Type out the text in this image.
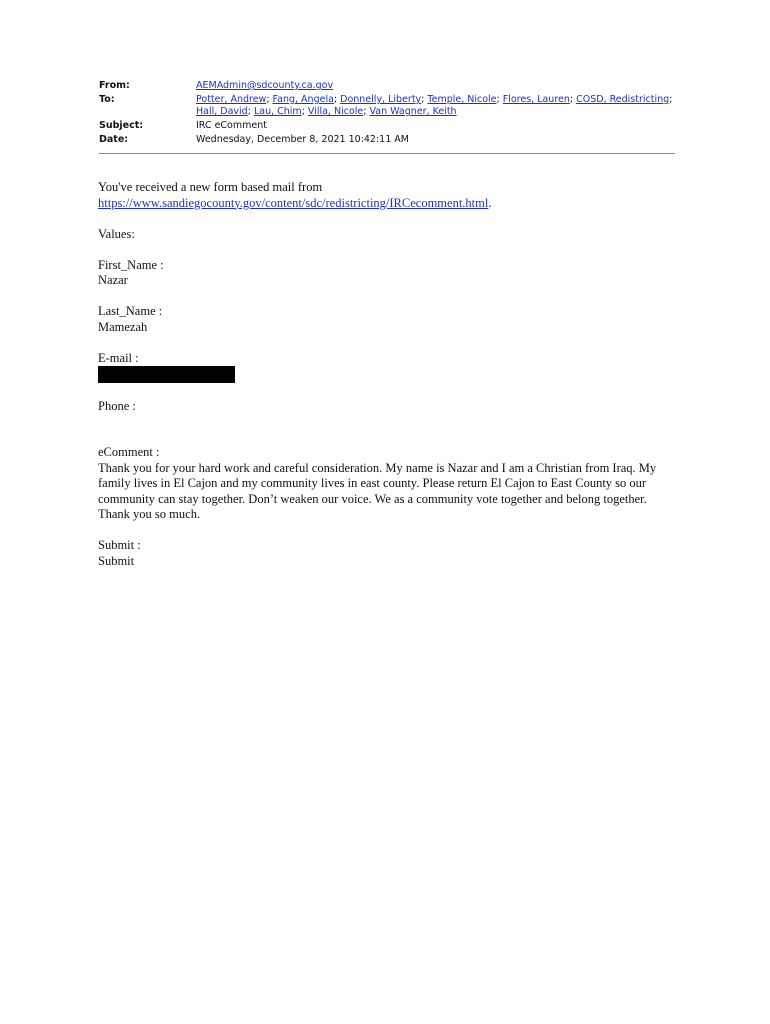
From:	AEMAdmin@sdcounty.ca.gov
To:	Potter, Andrew; Fang, Angela; Donnelly, Liberty; Temple, Nicole; Flores, Lauren; COSD, Redistricting; Hall, David; Lau, Chim; Villa, Nicole; Van Wagner, Keith
Subject:	IRC eComment
Date:	Wednesday, December 8, 2021 10:42:11 AM

You've received a new form based mail from

https://www.sandiegocounty.gov/content/sdc/redistricting/IRCecomment.html.

Values:

First_Name :

Nazar

Last_Name :

Mamezah

E-mail :

Phone :

eComment :

Thank you for your hard work and careful consideration. My name is Nazar and I am a Christian from Iraq. My family lives in El Cajon and my community lives in east county. Please return El Cajon to East County so our community can stay together. Don’t weaken our voice. We as a community vote together and belong together. Thank you so much.

Submit :

Submit
